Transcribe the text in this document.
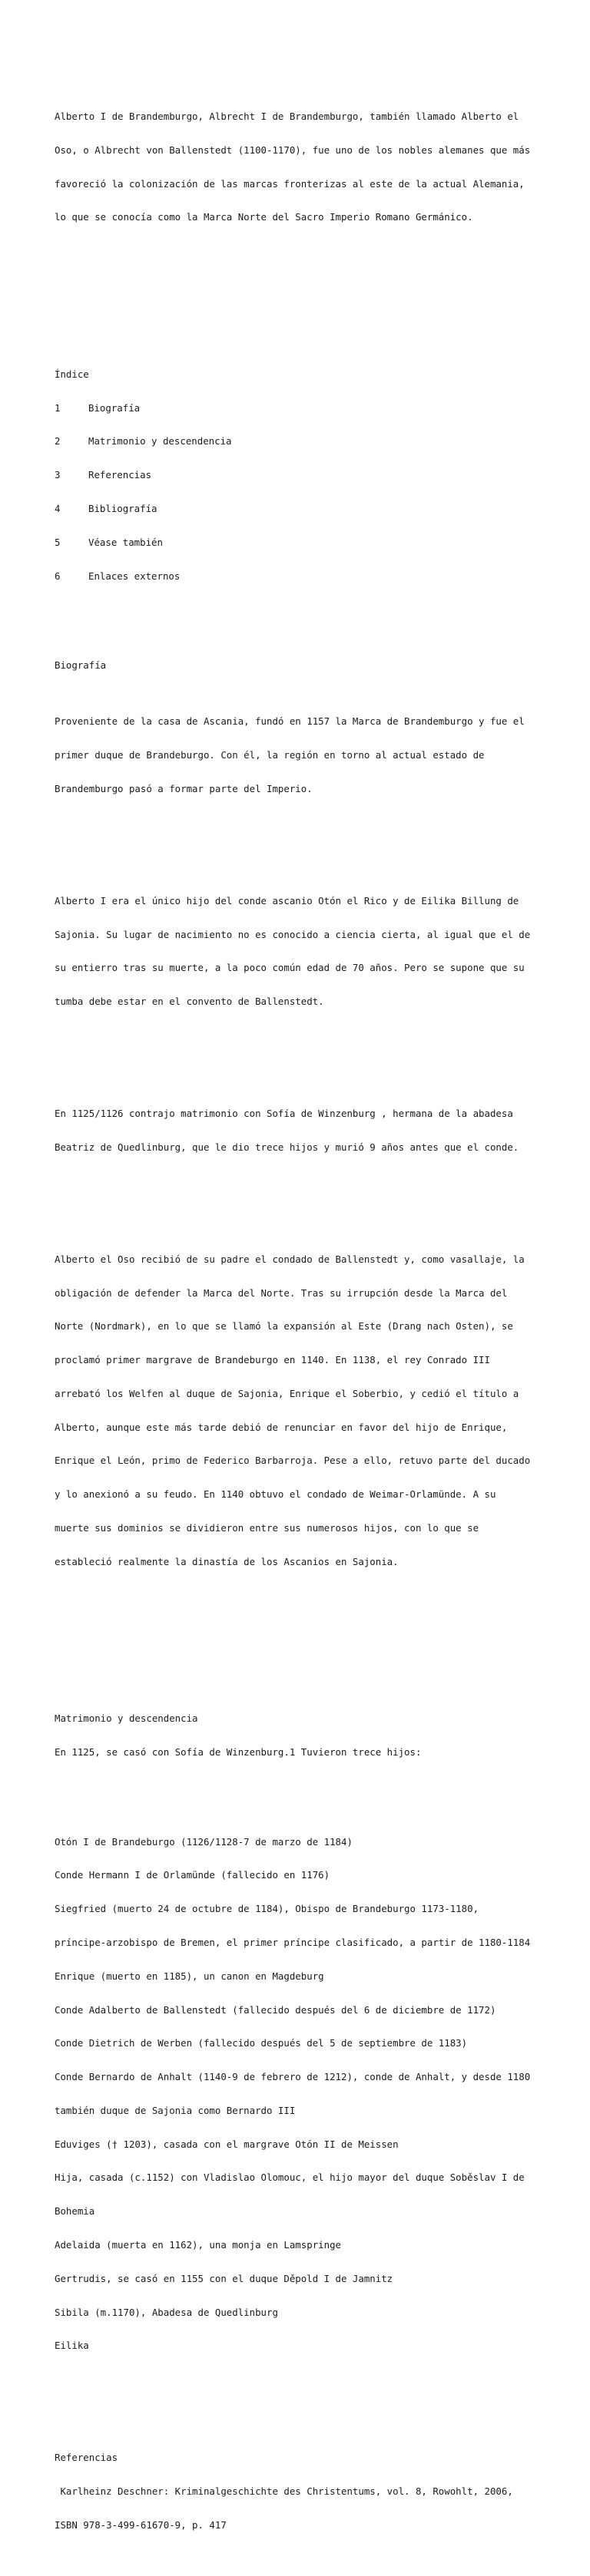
Alberto I de Brandemburgo, Albrecht I de Brandemburgo, también llamado Alberto el

Oso, o Albrecht von Ballenstedt (1100-1170), fue uno de los nobles alemanes que más

favoreció la colonización de las marcas fronterizas al este de la actual Alemania,

lo que se conocía como la Marca Norte del Sacro Imperio Romano Germánico.

Índice

1	Biografía

2	Matrimonio y descendencia

3	Referencias

4	Bibliografía

5	Véase también

6	Enlaces externos

Biografía

Proveniente de la casa de Ascania, fundó en 1157 la Marca de Brandemburgo y fue el

primer duque de Brandeburgo. Con él, la región en torno al actual estado de

Brandemburgo pasó a formar parte del Imperio.

Alberto I era el único hijo del conde ascanio Otón el Rico y de Eilika Billung de

Sajonia. Su lugar de nacimiento no es conocido a ciencia cierta, al igual que el de

su entierro tras su muerte, a la poco común edad de 70 años. Pero se supone que su

tumba debe estar en el convento de Ballenstedt.

En 1125/1126 contrajo matrimonio con Sofía de Winzenburg , hermana de la abadesa

Beatriz de Quedlinburg, que le dio trece hijos y murió 9 años antes que el conde.

Alberto el Oso recibió de su padre el condado de Ballenstedt y, como vasallaje, la

obligación de defender la Marca del Norte. Tras su irrupción desde la Marca del

Norte (Nordmark), en lo que se llamó la expansión al Este (Drang nach Osten), se

proclamó primer margrave de Brandeburgo en 1140. En 1138, el rey Conrado III

arrebató los Welfen al duque de Sajonia, Enrique el Soberbio, y cedió el título a

Alberto, aunque este más tarde debió de renunciar en favor del hijo de Enrique,

Enrique el León, primo de Federico Barbarroja. Pese a ello, retuvo parte del ducado

y lo anexionó a su feudo. En 1140 obtuvo el condado de Weimar-Orlamünde. A su

muerte sus dominios se dividieron entre sus numerosos hijos, con lo que se

estableció realmente la dinastía de los Ascanios en Sajonia.

Matrimonio y descendencia

En 1125, se casó con Sofía de Winzenburg.1 Tuvieron trece hijos:

Otón I de Brandeburgo (1126/1128-7 de marzo de 1184)

Conde Hermann I de Orlamünde (fallecido en 1176)

Siegfried (muerto 24 de octubre de 1184), Obispo de Brandeburgo 1173-1180,

príncipe-arzobispo de Bremen, el primer príncipe clasificado, a partir de 1180-1184

Enrique (muerto en 1185), un canon en Magdeburg

Conde Adalberto de Ballenstedt (fallecido después del 6 de diciembre de 1172)

Conde Dietrich de Werben (fallecido después del 5 de septiembre de 1183)

Conde Bernardo de Anhalt (1140-9 de febrero de 1212), conde de Anhalt, y desde 1180

también duque de Sajonia como Bernardo III

Eduviges († 1203), casada con el margrave Otón II de Meissen

Hija, casada (c.1152) con Vladislao Olomouc, el hijo mayor del duque Soběslav I de

Bohemia

Adelaida (muerta en 1162), una monja en Lamspringe

Gertrudis, se casó en 1155 con el duque Děpold I de Jamnitz

Sibila (m.1170), Abadesa de Quedlinburg

Eilika

Referencias

Karlheinz Deschner: Kriminalgeschichte des Christentums, vol. 8, Rowohlt, 2006,

ISBN 978-3-499-61670-9, p. 417
